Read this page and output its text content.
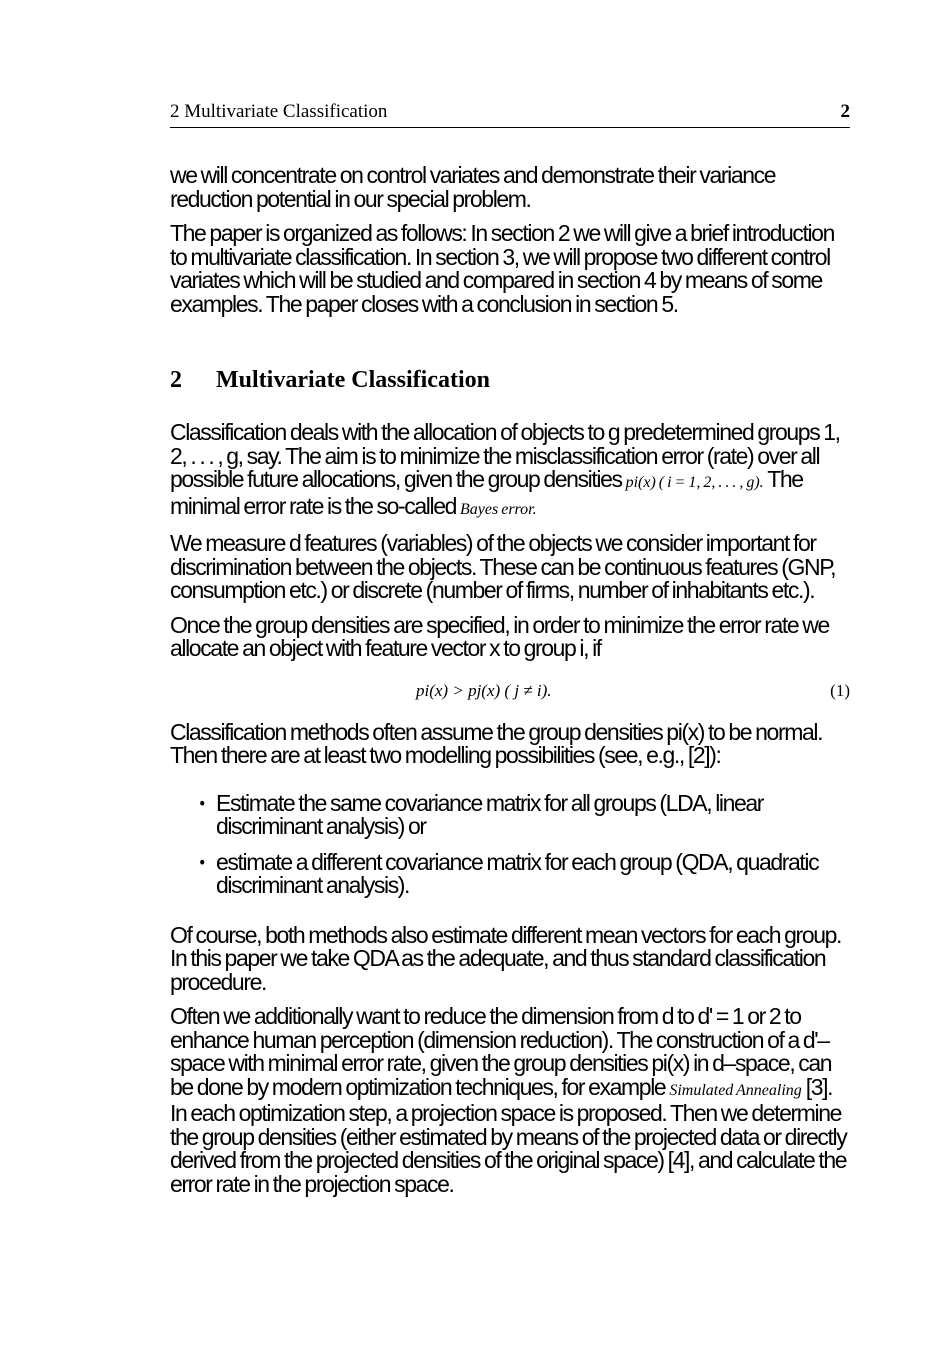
2 Multivariate Classification	2

we will concentrate on control variates and demonstrate their variance reduction potential in our special problem.

The paper is organized as follows: In section 2 we will give a brief introduction to multivariate classification. In section 3, we will propose two different control variates which will be studied and compared in section 4 by means of some examples. The paper closes with a conclusion in section 5.

2	Multivariate Classification

Classification deals with the allocation of objects to g predetermined groups 1, 2, . . . , g, say. The aim is to minimize the misclassification error (rate) over all possible future allocations, given the group densities pi(x) ( i = 1, 2, . . . , g). The minimal error rate is the so-called Bayes error.

We measure d features (variables) of the objects we consider important for discrimination between the objects. These can be continuous features (GNP, consumption etc.) or discrete (number of firms, number of inhabitants etc.).

Once the group densities are specified, in order to minimize the error rate we allocate an object with feature vector x to group i, if

pi(x) > pj(x) ( j ≠ i).	(1)

Classification methods often assume the group densities pi(x) to be normal. Then there are at least two modelling possibilities (see, e.g., [2]):

• Estimate the same covariance matrix for all groups (LDA, linear discriminant analysis) or
• estimate a different covariance matrix for each group (QDA, quadratic discriminant analysis).

Of course, both methods also estimate different mean vectors for each group. In this paper we take QDA as the adequate, and thus standard classification procedure.

Often we additionally want to reduce the dimension from d to d' = 1 or 2 to enhance human perception (dimension reduction). The construction of a d'–space with minimal error rate, given the group densities pi(x) in d–space, can be done by modern optimization techniques, for example Simulated Annealing [3]. In each optimization step, a projection space is proposed. Then we determine the group densities (either estimated by means of the projected data or directly derived from the projected densities of the original space) [4], and calculate the error rate in the projection space.
